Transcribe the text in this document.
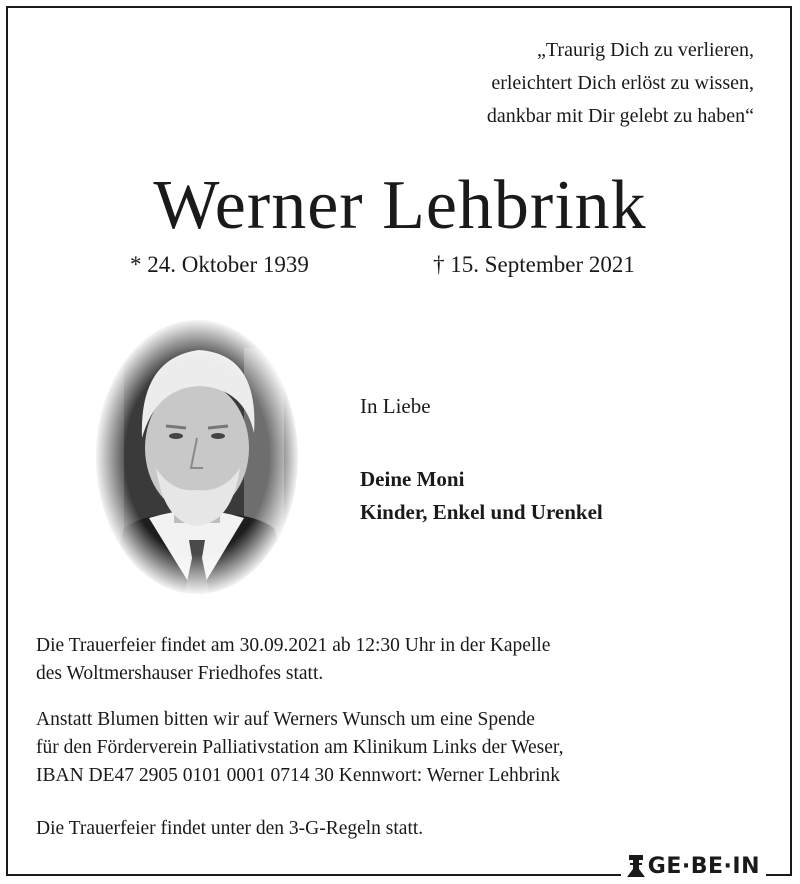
„Traurig Dich zu verlieren,
erleichtert Dich erlöst zu wissen,
dankbar mit Dir gelebt zu haben“
Werner Lehbrink
* 24. Oktober 1939	† 15. September 2021
In Liebe
Deine Moni
Kinder, Enkel und Urenkel
Die Trauerfeier findet am 30.09.2021 ab 12:30 Uhr in der Kapelle
des Woltmershauser Friedhofes statt.
Anstatt Blumen bitten wir auf Werners Wunsch um eine Spende
für den Förderverein Palliativstation am Klinikum Links der Weser,
IBAN DE47 2905 0101 0001 0714 30 Kennwort: Werner Lehbrink
Die Trauerfeier findet unter den 3-G-Regeln statt.
GE·BE·IN
